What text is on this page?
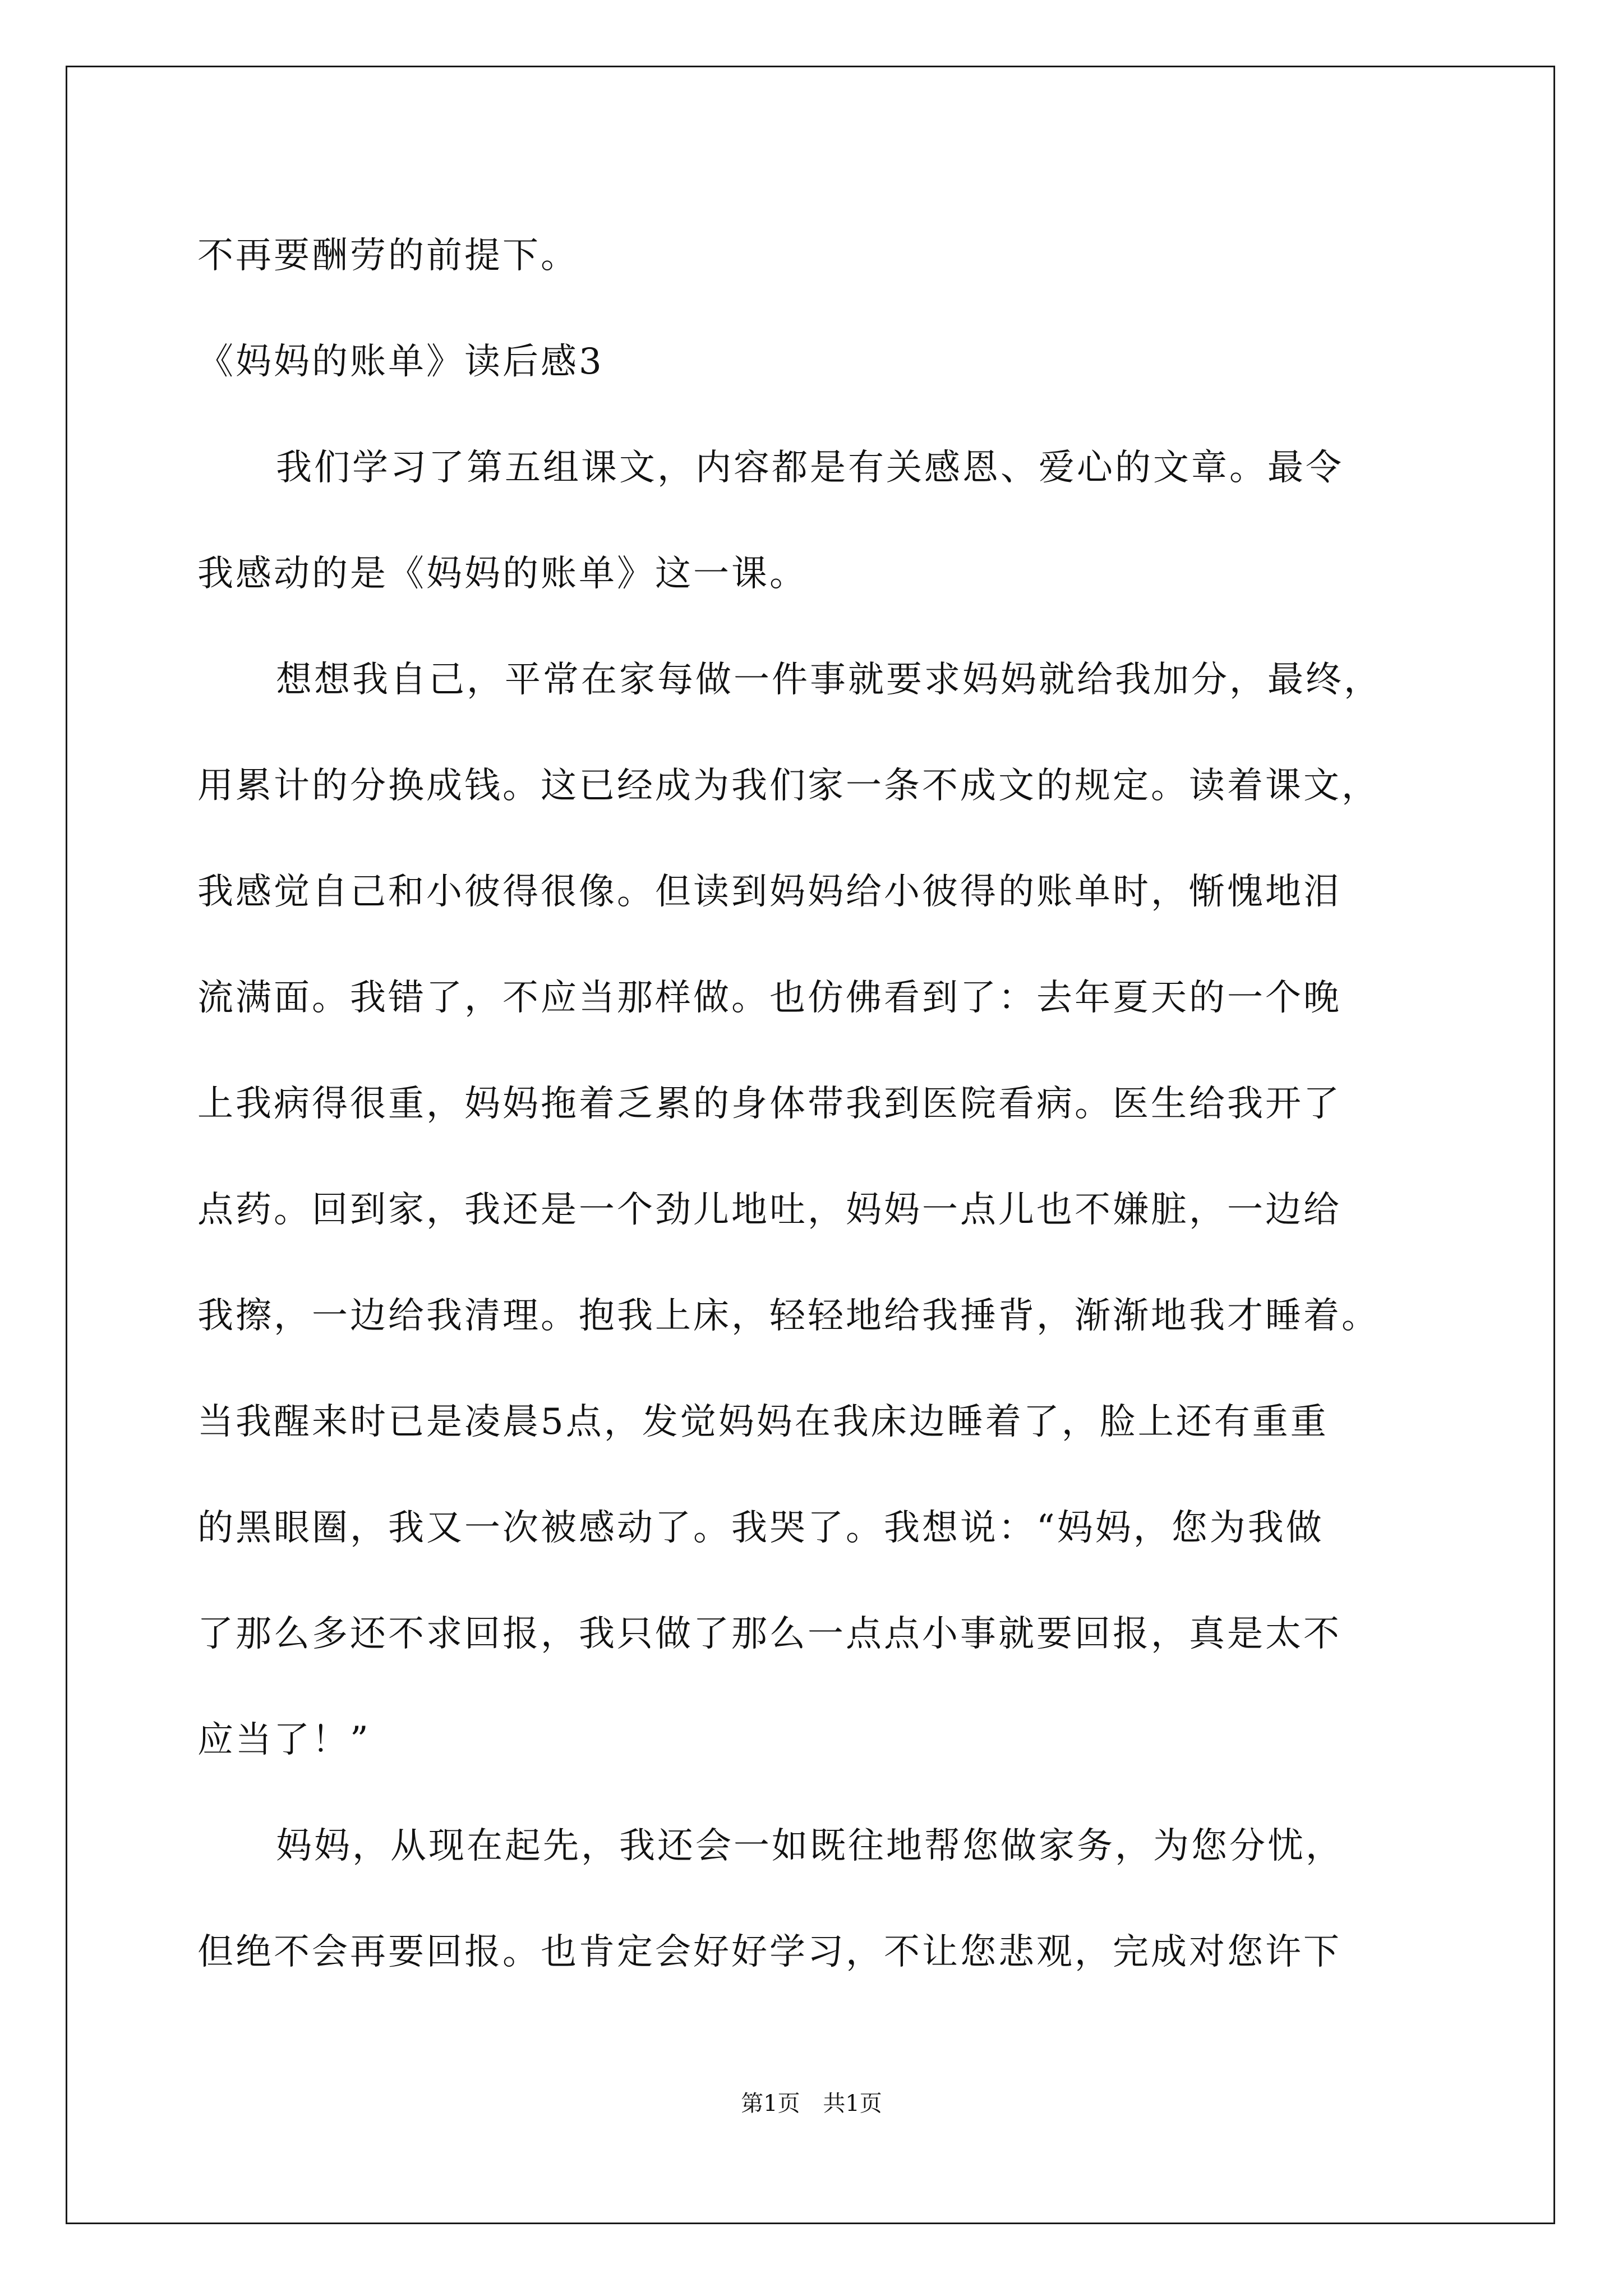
不再要酬劳的前提下。
《妈妈的账单》读后感3
我们学习了第五组课文，内容都是有关感恩、爱心的文章。最令
我感动的是《妈妈的账单》这一课。
想想我自己，平常在家每做一件事就要求妈妈就给我加分，最终，
用累计的分换成钱。这已经成为我们家一条不成文的规定。读着课文，
我感觉自己和小彼得很像。但读到妈妈给小彼得的账单时，惭愧地泪
流满面。我错了，不应当那样做。也仿佛看到了：去年夏天的一个晚
上我病得很重，妈妈拖着乏累的身体带我到医院看病。医生给我开了
点药。回到家，我还是一个劲儿地吐，妈妈一点儿也不嫌脏，一边给
我擦，一边给我清理。抱我上床，轻轻地给我捶背，渐渐地我才睡着。
当我醒来时已是凌晨5点，发觉妈妈在我床边睡着了，脸上还有重重
的黑眼圈，我又一次被感动了。我哭了。我想说：“妈妈，您为我做
了那么多还不求回报，我只做了那么一点点小事就要回报，真是太不
应当了！”
妈妈，从现在起先，我还会一如既往地帮您做家务，为您分忧，
但绝不会再要回报。也肯定会好好学习，不让您悲观，完成对您许下
第1页 共1页
